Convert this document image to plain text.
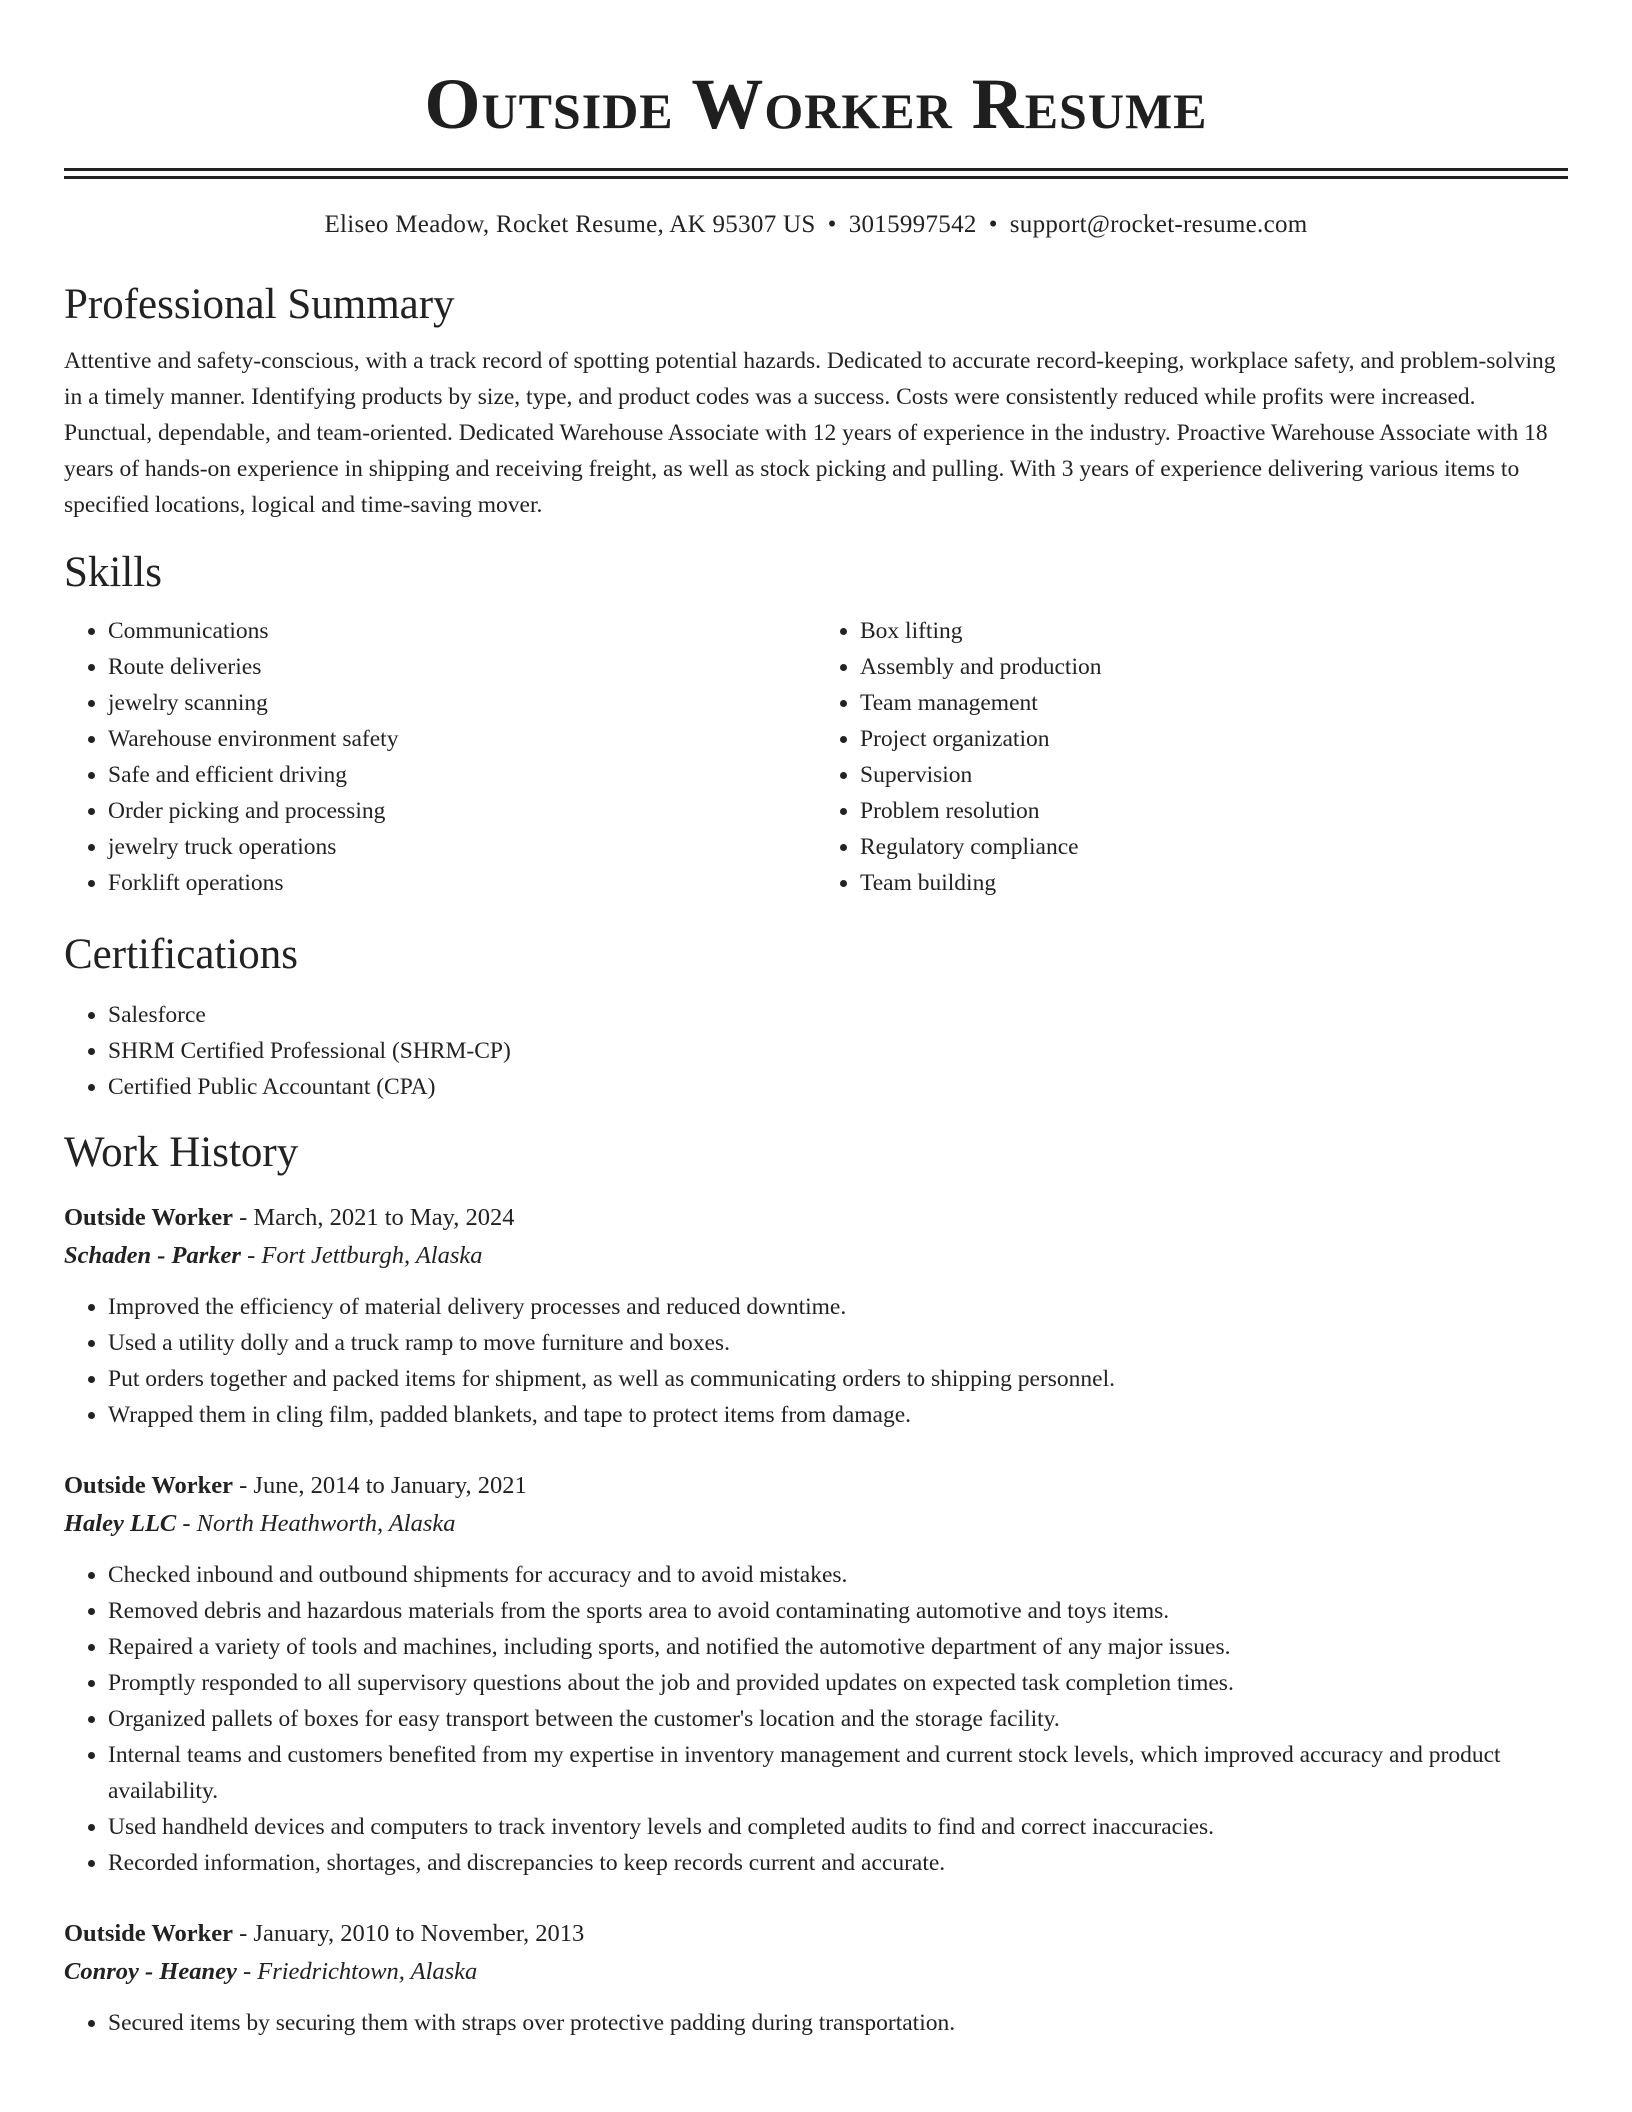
Outside Worker Resume
Eliseo Meadow, Rocket Resume, AK 95307 US • 3015997542 • support@rocket-resume.com
Professional Summary

Attentive and safety-conscious, with a track record of spotting potential hazards. Dedicated to accurate record-keeping, workplace safety, and problem-solving in a timely manner. Identifying products by size, type, and product codes was a success. Costs were consistently reduced while profits were increased. Punctual, dependable, and team-oriented. Dedicated Warehouse Associate with 12 years of experience in the industry. Proactive Warehouse Associate with 18 years of hands-on experience in shipping and receiving freight, as well as stock picking and pulling. With 3 years of experience delivering various items to specified locations, logical and time-saving mover.

Skills
• Communications
• Route deliveries
• jewelry scanning
• Warehouse environment safety
• Safe and efficient driving
• Order picking and processing
• jewelry truck operations
• Forklift operations
• Box lifting
• Assembly and production
• Team management
• Project organization
• Supervision
• Problem resolution
• Regulatory compliance
• Team building
Certifications
• Salesforce
• SHRM Certified Professional (SHRM-CP)
• Certified Public Accountant (CPA)
Work History
Outside Worker - March, 2021 to May, 2024
Schaden - Parker - Fort Jettburgh, Alaska
• Improved the efficiency of material delivery processes and reduced downtime.
• Used a utility dolly and a truck ramp to move furniture and boxes.
• Put orders together and packed items for shipment, as well as communicating orders to shipping personnel.
• Wrapped them in cling film, padded blankets, and tape to protect items from damage.
Outside Worker - June, 2014 to January, 2021
Haley LLC - North Heathworth, Alaska
• Checked inbound and outbound shipments for accuracy and to avoid mistakes.
• Removed debris and hazardous materials from the sports area to avoid contaminating automotive and toys items.
• Repaired a variety of tools and machines, including sports, and notified the automotive department of any major issues.
• Promptly responded to all supervisory questions about the job and provided updates on expected task completion times.
• Organized pallets of boxes for easy transport between the customer's location and the storage facility.
• Internal teams and customers benefited from my expertise in inventory management and current stock levels, which improved accuracy and product availability.
• Used handheld devices and computers to track inventory levels and completed audits to find and correct inaccuracies.
• Recorded information, shortages, and discrepancies to keep records current and accurate.
Outside Worker - January, 2010 to November, 2013
Conroy - Heaney - Friedrichtown, Alaska
• Secured items by securing them with straps over protective padding during transportation.
